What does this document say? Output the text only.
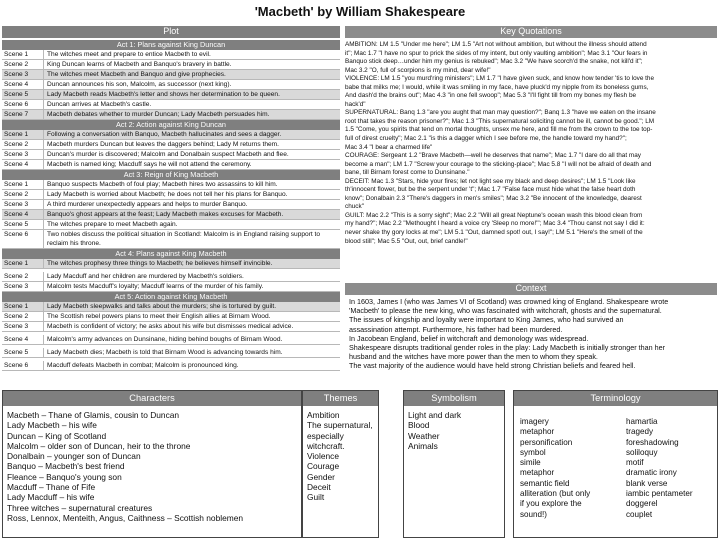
'Macbeth' by William Shakespeare
Plot
Act 1: Plans against King Duncan
Scene 1	The witches meet and prepare to entice Macbeth to evil.
Scene 2	King Duncan learns of Macbeth and Banquo's bravery in battle.
Scene 3	The witches meet Macbeth and Banquo and give prophecies.
Scene 4	Duncan announces his son, Malcolm, as successor (next king).
Scene 5	Lady Macbeth reads Macbeth's letter and shows her determination to be queen.
Scene 6	Duncan arrives at Macbeth's castle.
Scene 7	Macbeth debates whether to murder Duncan; Lady Macbeth persuades him.
Act 2: Action against King Duncan
Scene 1	Following a conversation with Banquo, Macbeth hallucinates and sees a dagger.
Scene 2	Macbeth murders Duncan but leaves the daggers behind; Lady M returns them.
Scene 3	Duncan's murder is discovered; Malcolm and Donalbain suspect Macbeth and flee.
Scene 4	Macbeth is named king; Macduff says he will not attend the ceremony.
Act 3: Reign of King Macbeth
Scene 1	Banquo suspects Macbeth of foul play; Macbeth hires two assassins to kill him.
Scene 2	Lady Macbeth is worried about Macbeth; he does not tell her his plans for Banquo.
Scene 3	A third murderer unexpectedly appears and helps to murder Banquo.
Scene 4	Banquo's ghost appears at the feast; Lady Macbeth makes excuses for Macbeth.
Scene 5	The witches prepare to meet Macbeth again.
Scene 6	Two nobles discuss the political situation in Scotland: Malcolm is in England raising support to reclaim his throne.
Act 4: Plans against King Macbeth
Scene 1	The witches prophesy three things to Macbeth; he believes himself invincible.
Scene 2	Lady Macduff and her children are murdered by Macbeth's soldiers.
Scene 3	Malcolm tests Macduff's loyalty; Macduff learns of the murder of his family.
Act 5: Action against King Macbeth
Scene 1	Lady Macbeth sleepwalks and talks about the murders; she is tortured by guilt.
Scene 2	The Scottish rebel powers plans to meet their English allies at Birnam Wood.
Scene 3	Macbeth is confident of victory; he asks about his wife but dismisses medical advice.
Scene 4	Malcolm's army advances on Dunsinane, hiding behind boughs of Birnam Wood.
Scene 5	Lady Macbeth dies; Macbeth is told that Birnam Wood is advancing towards him.
Scene 6	Macduff defeats Macbeth in combat; Malcolm is pronounced king.
Key Quotations
AMBITION: LM 1.5 "Under me here"; LM 1.5 "Art not without ambition, but without the illness should attend
it"; Mac 1.7 "I have no spur to prick the sides of my intent, but only vaulting ambition"; Mac 3.1 "Our fears in
Banquo stick deep…under him my genius is rebuked"; Mac 3.2 "We have scorch'd the snake, not kill'd it";
Mac 3.2 "O, full of scorpions is my mind, dear wife!"
VIOLENCE: LM 1.5 "you murd'ring ministers"; LM 1.7 "I have given suck, and know how tender 'tis to love the
babe that milks me; I would, while it was smiling in my face, have pluck'd my nipple from its boneless gums,
And dash'd the brains out"; Mac 4.3 "in one fell swoop"; Mac 5.3 "I'll fight till from my bones my flesh be
hack'd"
SUPERNATURAL: Banq 1.3 "are you aught that man may question?"; Banq 1.3 "have we eaten on the insane
root that takes the reason prisoner?"; Mac 1.3 "This supernatural soliciting cannot be ill, cannot be good."; LM
1.5 "Come, you spirits that tend on mortal thoughts, unsex me here, and fill me from the crown to the toe top-
full of direst cruelty"; Mac 2.1 "is this a dagger which I see before me, the handle toward my hand?";
Mac 3.4 "I bear a charmed life"
COURAGE: Sergeant 1.2 "Brave Macbeth—well he deserves that name"; Mac 1.7 "I dare do all that may
become a man"; LM 1.7 "Screw your courage to the sticking-place"; Mac 5.8 "I will not be afraid of death and
bane, till Birnam forest come to Dunsinane."
DECEIT: Mac 1.3 "Stars, hide your fires; let not light see my black and deep desires"; LM 1.5 "Look like
th'innocent flower, but be the serpent under 't"; Mac 1.7 "False face must hide what the false heart doth
know"; Donalbain 2.3 "There's daggers in men's smiles"; Mac 3.2 "Be innocent of the knowledge, dearest
chuck"
GUILT: Mac 2.2 "This is a sorry sight"; Mac 2.2 "Will all great Neptune's ocean wash this blood clean from
my hand?"; Mac 2.2 "Methought I heard a voice cry 'Sleep no more!'"; Mac 3.4 "Thou canst not say I did it:
never shake thy gory locks at me"; LM 5.1 "Out, damned spot! out, I say!"; LM 5.1 "Here's the smell of the
blood still"; Mac 5.5 "Out, out, brief candle!"
Context
In 1603, James I (who was James VI of Scotland) was crowned king of England. Shakespeare wrote
'Macbeth' to please the new king, who was fascinated with witchcraft, ghosts and the supernatural.
The issues of kingship and loyalty were important to King James, who had survived an
assassination attempt. Furthermore, his father had been murdered.
In Jacobean England, belief in witchcraft and demonology was widespread.
Shakespeare disrupts traditional gender roles in the play: Lady Macbeth is initially stronger than her
husband and the witches have more power than the men to whom they speak.
The vast majority of the audience would have held strong Christian beliefs and feared hell.
Characters
Macbeth – Thane of Glamis, cousin to Duncan
Lady Macbeth – his wife
Duncan – King of Scotland
Malcolm – older son of Duncan, heir to the throne
Donalbain – younger son of Duncan
Banquo – Macbeth's best friend
Fleance – Banquo's young son
Macduff – Thane of Fife
Lady Macduff – his wife
Three witches – supernatural creatures
Ross, Lennox, Menteith, Angus, Caithness – Scottish noblemen
Themes
Ambition
The supernatural,
especially witchcraft.
Violence
Courage
Gender
Deceit
Guilt
Symbolism
Light and dark
Blood
Weather
Animals
Terminology
imagery
metaphor
personification
symbol
simile
metaphor
semantic field
alliteration (but only
if you explore the
sound!)
hamartia
tragedy
foreshadowing
soliloquy
motif
dramatic irony
blank verse
iambic pentameter
doggerel
couplet
